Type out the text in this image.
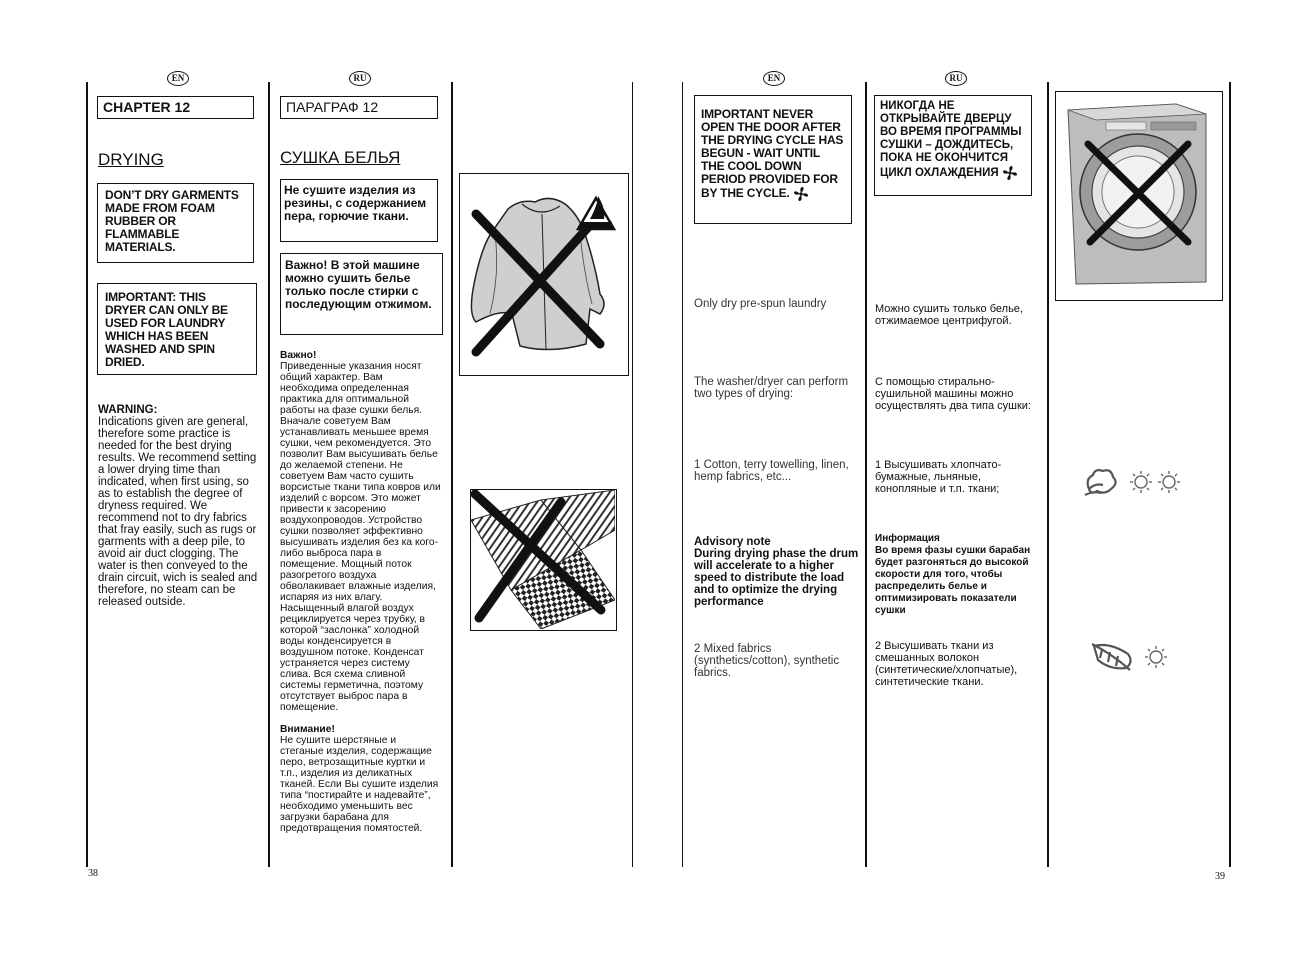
EN	RU
CHAPTER 12	ПАРАГРАФ 12
DRYING	СУШКА БЕЛЬЯ
DON’T DRY GARMENTS MADE FROM FOAM RUBBER OR FLAMMABLE MATERIALS.
IMPORTANT: THIS DRYER CAN ONLY BE USED FOR LAUNDRY WHICH HAS BEEN WASHED AND SPIN DRIED.
Не сушите изделия из резины, с содержанием пера, горючие ткани.
Важно! В этой машине можно сушить белье только после стирки с последующим отжимом.
WARNING:
Indications given are general, therefore some practice is needed for the best drying results. We recommend setting a lower drying time than indicated, when first using, so as to establish the degree of dryness required. We recommend not to dry fabrics that fray easily, such as rugs or garments with a deep pile, to avoid air duct clogging. The water is then conveyed to the drain circuit, wich is sealed and therefore, no steam can be released outside.
Важно!
Приведенные указания носят общий характер. Вам необходима определенная практика для оптимальной работы на фазе сушки белья. Вначале советуем Вам устанавливать меньшее время сушки, чем рекомендуется. Это позволит Вам высушивать белье до желаемой степени. Не советуем Вам часто сушить ворсистые ткани типа ковров или изделий с ворсом. Это может привести к засорению воздухопроводов. Устройство сушки позволяет эффективно высушивать изделия без ка кого-либо выброса пара в помещение. Мощный поток разогретого воздуха обволакивает влажные изделия, испаряя из них влагу. Насыщенный влагой воздух рециклируется через трубку, в которой “заслонка” холодной воды конденсируется в воздушном потоке. Конденсат устраняется через систему слива. Вся схема сливной системы герметична, поэтому отсутствует выброс пара в помещение.
Внимание!
Не сушите шерстяные и стеганые изделия, содержащие перо, ветрозащитные куртки и т.п., изделия из деликатных тканей. Если Вы сушите изделия типа “постирайте и надевайте”, необходимо уменьшить вес загрузки барабана для предотвращения помятостей.
38
EN	RU
IMPORTANT NEVER OPEN THE DOOR AFTER THE DRYING CYCLE HAS BEGUN - WAIT UNTIL THE COOL DOWN PERIOD PROVIDED FOR BY THE CYCLE.
НИКОГДА НЕ ОТКРЫВАЙТЕ ДВЕРЦУ ВО ВРЕМЯ ПРОГРАММЫ СУШКИ – ДОЖДИТЕСЬ, ПОКА НЕ ОКОНЧИТСЯ ЦИКЛ ОХЛАЖДЕНИЯ
Only dry pre-spun laundry	Можно сушить только белье, отжимаемое центрифугой.
The washer/dryer can perform two types of drying:
С помощью стирально-сушильной машины можно осуществлять два типа сушки:
1 Cotton, terry towelling, linen, hemp fabrics, etc...
1 Высушивать хлопчато-бумажные, льняные, конопляные и т.п. ткани;
Advisory note
During drying phase the drum will accelerate to a higher speed to distribute the load and to optimize the drying performance
Информация
Во время фазы сушки барабан будет разгоняться до высокой скорости для того, чтобы распределить белье и оптимизировать показатели сушки
2 Mixed fabrics (synthetics/cotton), synthetic fabrics.
2 Высушивать ткани из смешанных волокон (синтетические/хлопчатые), синтетические ткани.
39
